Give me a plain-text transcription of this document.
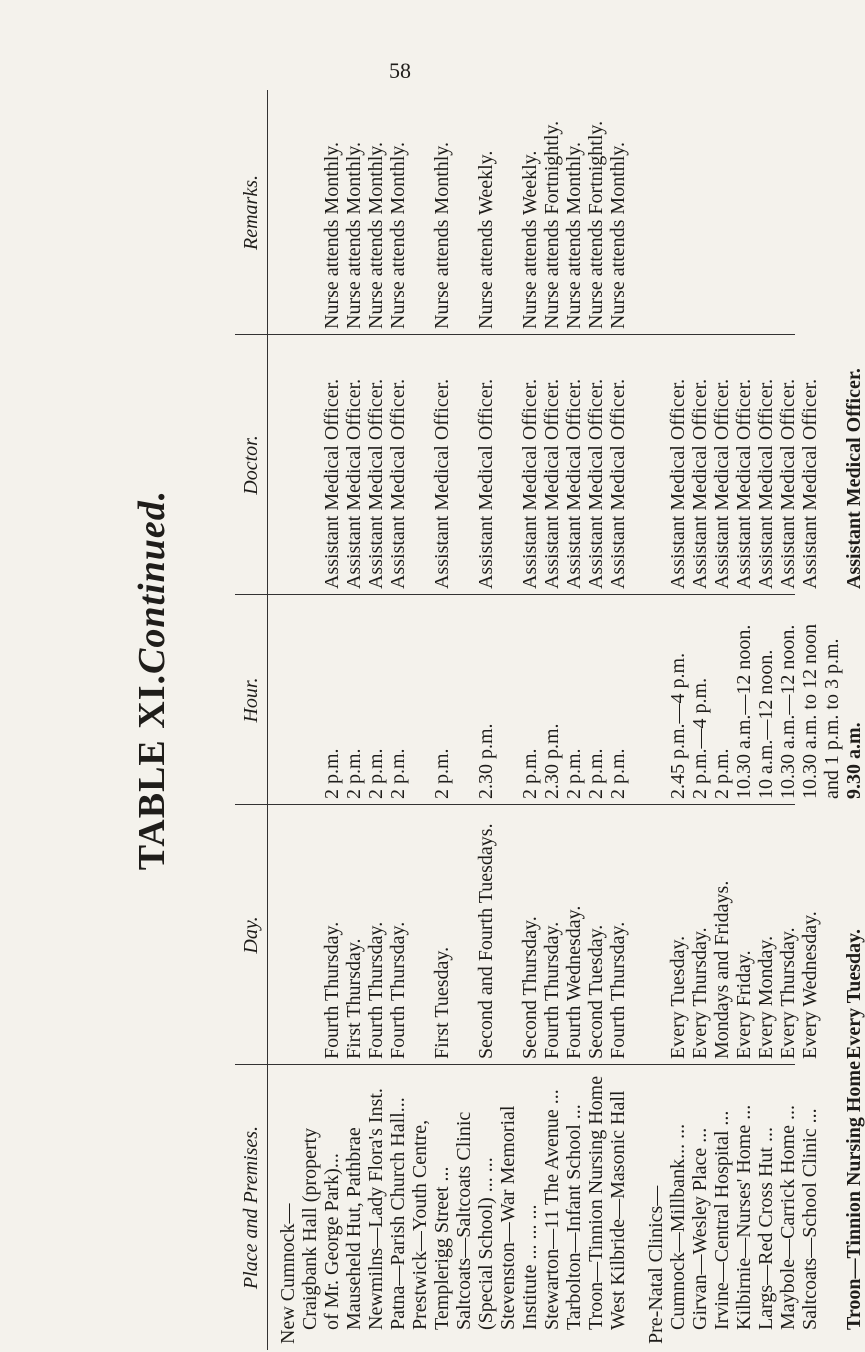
58
TABLE XI.Continued.
Place and Premises.
Day.
Hour.
Doctor.
Remarks.
New Cumnock— Craigbank Hall (property of Mr. George Park)...
Fourth Thursday.
2 p.m.
Assistant Medical Officer.
Nurse attends Monthly.
Mauseheld Hut, Pathbrae
First Thursday.
2 p.m.
Assistant Medical Officer.
Nurse attends Monthly.
Newmilns—Lady Flora's Inst.
Fourth Thursday.
2 p.m.
Assistant Medical Officer.
Nurse attends Monthly.
Patna—Parish Church Hall...
Fourth Thursday.
2 p.m.
Assistant Medical Officer.
Nurse attends Monthly.
Prestwick—Youth Centre, Templerigg Street ...
First Tuesday.
2 p.m.
Assistant Medical Officer.
Nurse attends Monthly.
Saltcoats—Saltcoats Clinic (Special School) ... ...
Second and Fourth Tuesdays.
2.30 p.m.
Assistant Medical Officer.
Nurse attends Weekly.
Stevenston—War Memorial Institute ... ... ...
Second Thursday.
2 p.m.
Assistant Medical Officer.
Nurse attends Weekly.
Stewarton—11 The Avenue ...
Fourth Thursday.
2.30 p.m.
Assistant Medical Officer.
Nurse attends Fortnightly.
Tarbolton—Infant School ...
Fourth Wednesday.
2 p.m.
Assistant Medical Officer.
Nurse attends Monthly.
Troon—Tinnion Nursing Home
Second Tuesday.
2 p.m.
Assistant Medical Officer.
Nurse attends Fortnightly.
West Kilbride—Masonic Hall
Fourth Thursday.
2 p.m.
Assistant Medical Officer.
Nurse attends Monthly.
Pre-Natal Clinics— Cumnock—Millbank... ...
Every Tuesday.
2.45 p.m.—4 p.m.
Assistant Medical Officer.
Girvan—Wesley Place ...
Every Thursday.
2 p.m.—4 p.m.
Assistant Medical Officer.
Irvine—Central Hospital ...
Mondays and Fridays.
2 p.m.
Assistant Medical Officer.
Kilbirnie—Nurses' Home ...
Every Friday.
10.30 a.m.—12 noon.
Assistant Medical Officer.
Largs—Red Cross Hut ...
Every Monday.
10 a.m.—12 noon.
Assistant Medical Officer.
Maybole—Carrick Home ...
Every Thursday.
10.30 a.m.—12 noon.
Assistant Medical Officer.
Saltcoats—School Clinic ...
Every Wednesday.
10.30 a.m. to 12 noon
Assistant Medical Officer.
and 1 p.m. to 3 p.m.
Troon—Tinnion Nursing Home
Every Tuesday.
9.30 a.m.
Assistant Medical Officer.
